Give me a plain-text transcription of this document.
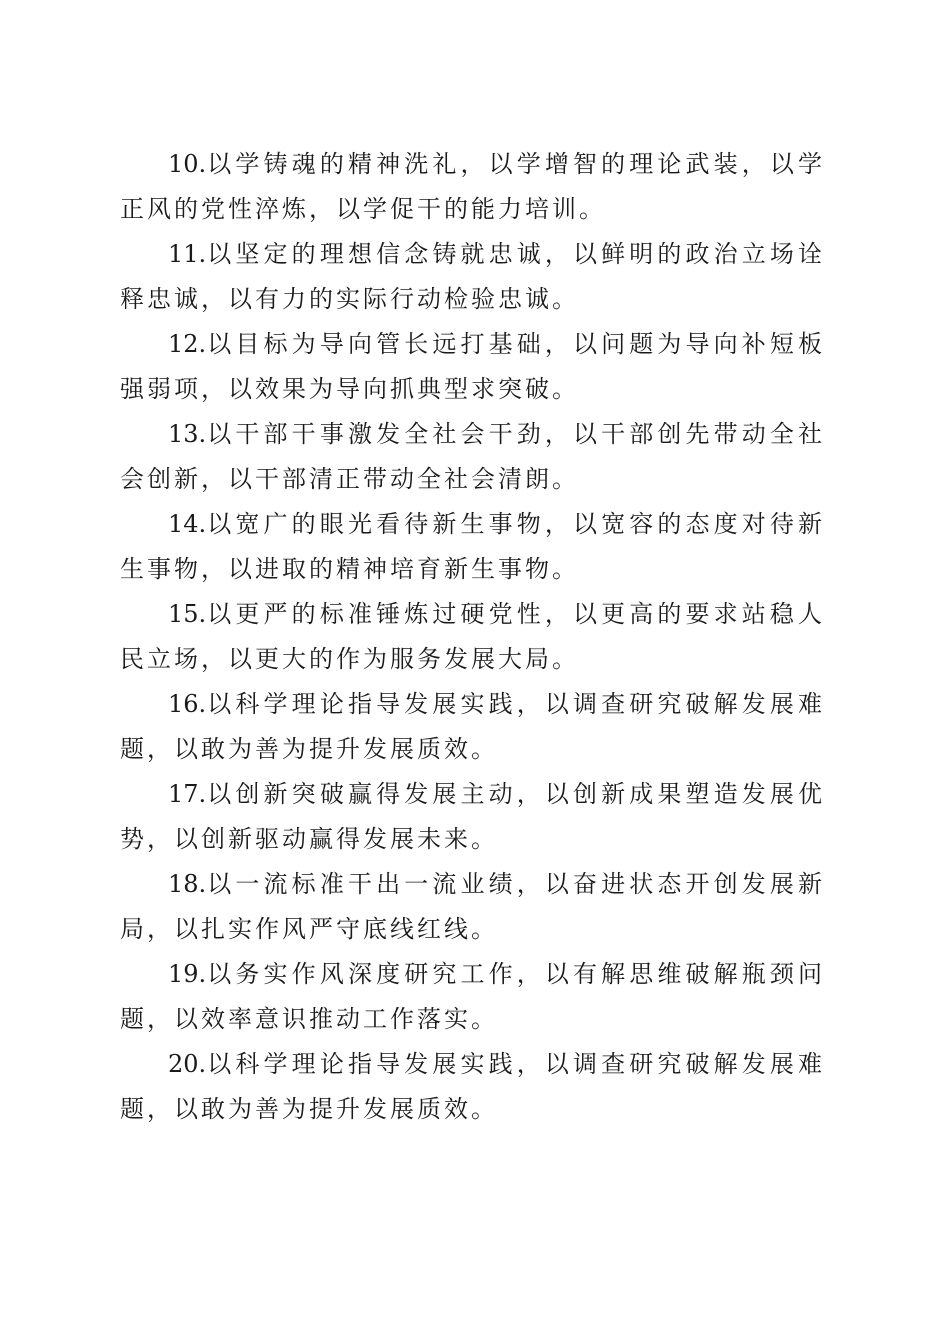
10.以学铸魂的精神洗礼，以学增智的理论武装，以学正风的党性淬炼，以学促干的能力培训。

11.以坚定的理想信念铸就忠诚，以鲜明的政治立场诠释忠诚，以有力的实际行动检验忠诚。

12.以目标为导向管长远打基础，以问题为导向补短板强弱项，以效果为导向抓典型求突破。

13.以干部干事激发全社会干劲，以干部创先带动全社会创新，以干部清正带动全社会清朗。

14.以宽广的眼光看待新生事物，以宽容的态度对待新生事物，以进取的精神培育新生事物。

15.以更严的标准锤炼过硬党性，以更高的要求站稳人民立场，以更大的作为服务发展大局。

16.以科学理论指导发展实践，以调查研究破解发展难题，以敢为善为提升发展质效。

17.以创新突破赢得发展主动，以创新成果塑造发展优势，以创新驱动赢得发展未来。

18.以一流标准干出一流业绩，以奋进状态开创发展新局，以扎实作风严守底线红线。

19.以务实作风深度研究工作，以有解思维破解瓶颈问题，以效率意识推动工作落实。

20.以科学理论指导发展实践，以调查研究破解发展难题，以敢为善为提升发展质效。
